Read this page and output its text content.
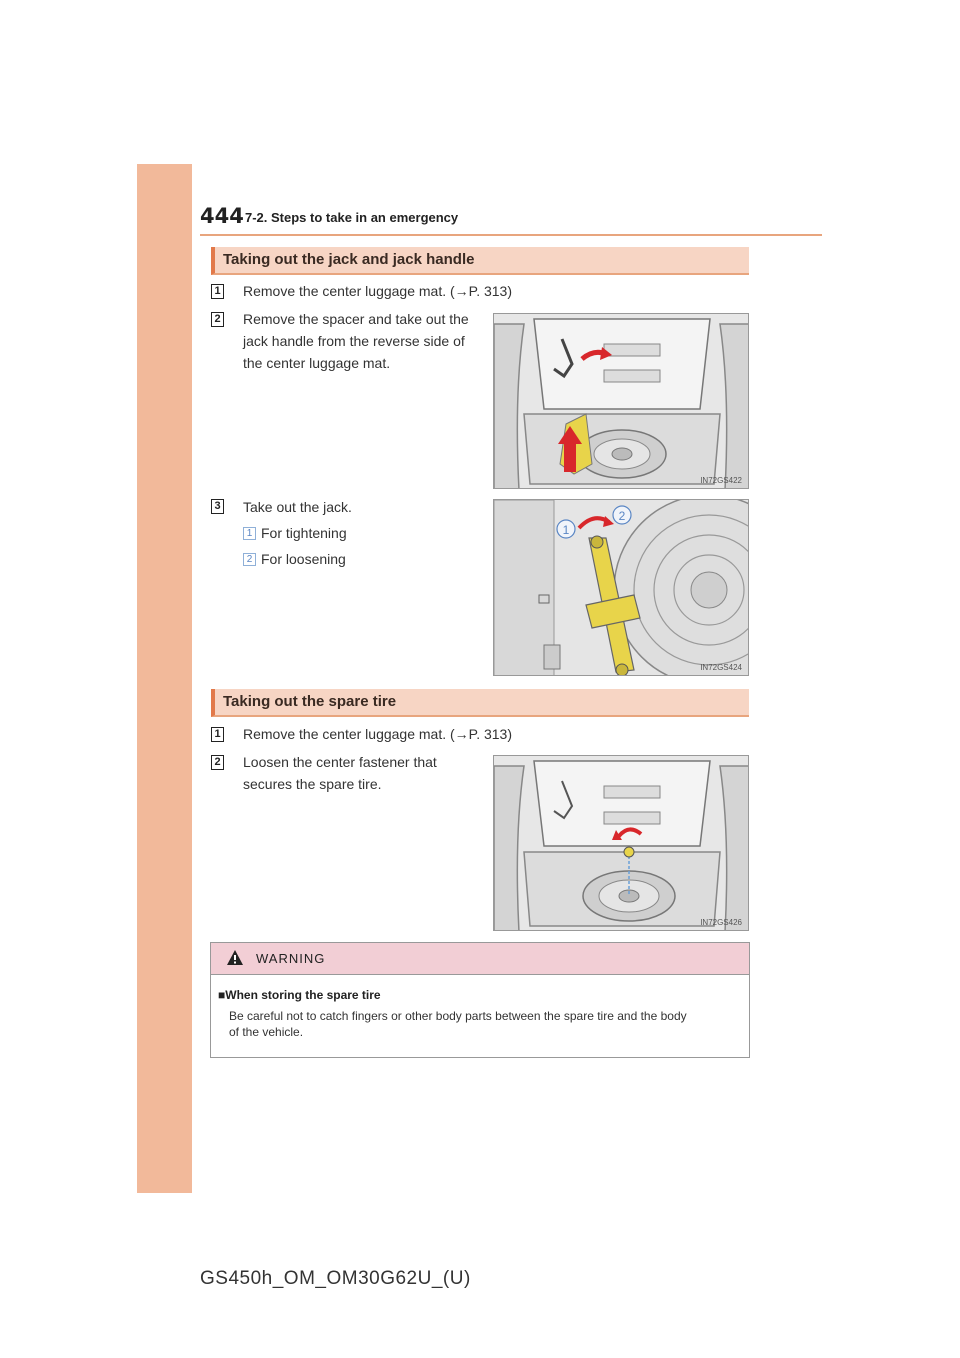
444 7-2. Steps to take in an emergency
Taking out the jack and jack handle
1 Remove the center luggage mat. (→P. 313)
2 Remove the spacer and take out the
jack handle from the reverse side of
the center luggage mat.
IN72GS422
3 Take out the jack.
1 For tightening
2 For loosening
1
2
IN72GS424
Taking out the spare tire
1 Remove the center luggage mat. (→P. 313)
2 Loosen the center fastener that
secures the spare tire.
IN72GS426
WARNING
■When storing the spare tire
Be careful not to catch fingers or other body parts between the spare tire and the body
of the vehicle.
GS450h_OM_OM30G62U_(U)
